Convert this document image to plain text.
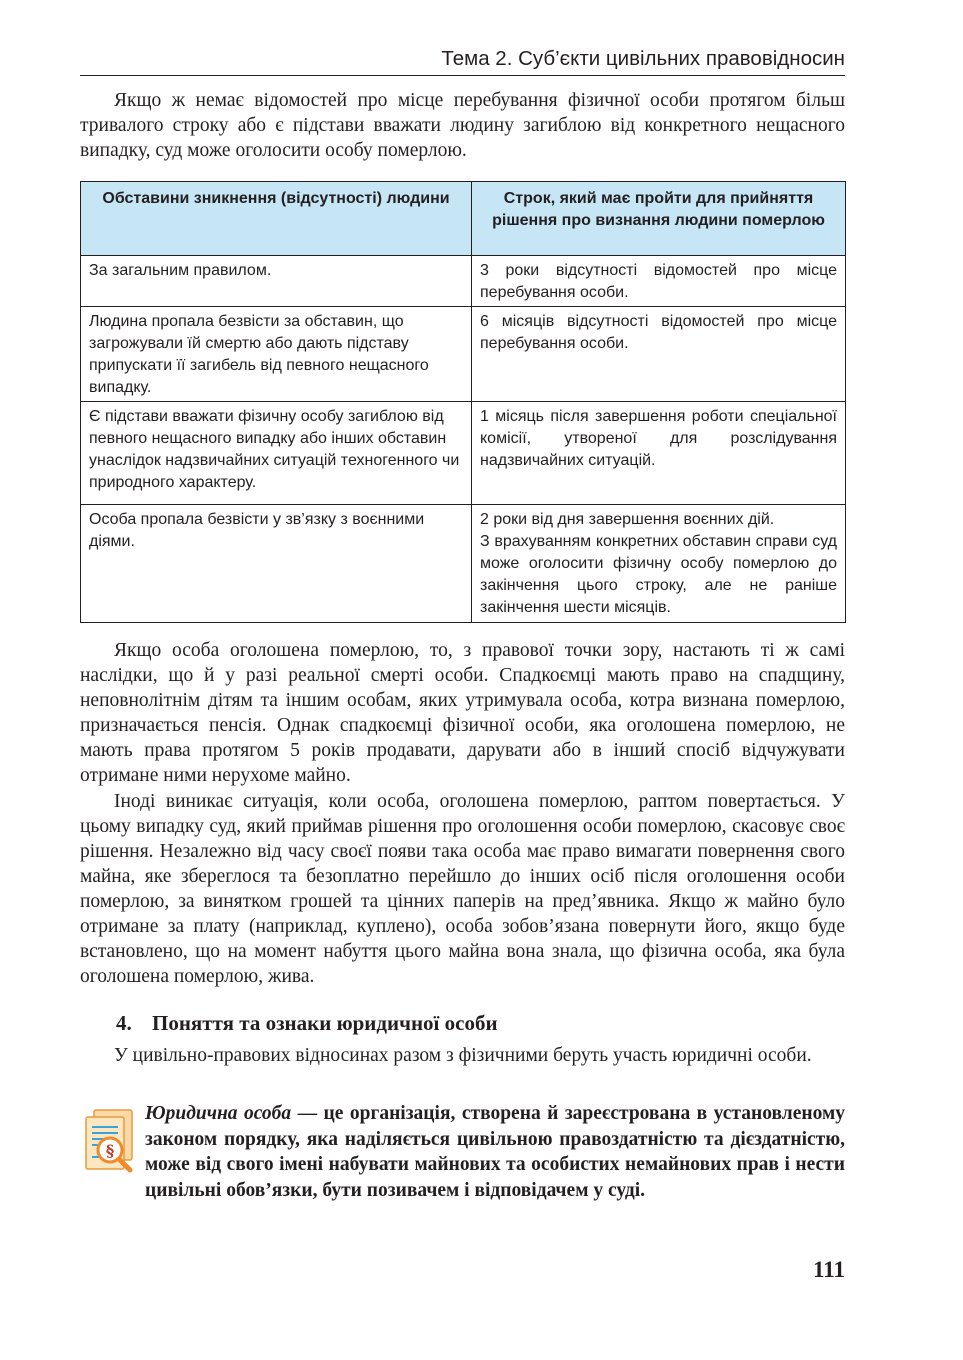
Тема 2. Суб’єкти цивільних правовідносин

Якщо ж немає відомостей про місце перебування фізичної особи протягом більш тривалого строку або є підстави вважати людину загиблою від конкретного нещасного випадку, суд може оголосити особу померлою.

Обставини зникнення (відсутності) людини	Строк, який має пройти для прийняття рішення про визнання людини померлою
За загальним правилом.	3 роки відсутності відомостей про місце перебування особи.
Людина пропала безвісти за обставин, що загрожували їй смертю або дають підставу припускати її загибель від певного нещасного випадку.	6 місяців відсутності відомостей про місце перебування особи.
Є підстави вважати фізичну особу загиблою від певного нещасного випадку або інших обставин унаслідок надзвичайних ситуацій техногенного чи природного характеру.	1 місяць після завершення роботи спеціальної комісії, утвореної для розслідування надзвичайних ситуацій.
Особа пропала безвісти у зв’язку з воєнними діями.	2 роки від дня завершення воєнних дій.
З врахуванням конкретних обставин справи суд може оголосити фізичну особу померлою до закінчення цього строку, але не раніше закінчення шести місяців.

Якщо особа оголошена померлою, то, з правової точки зору, настають ті ж самі наслідки, що й у разі реальної смерті особи. Спадкоємці мають право на спадщину, неповнолітнім дітям та іншим особам, яких утримувала особа, котра визнана померлою, призначається пенсія. Однак спадкоємці фізичної особи, яка оголошена померлою, не мають права протягом 5 років продавати, дарувати або в інший спосіб відчужувати отримане ними нерухоме майно.

Іноді виникає ситуація, коли особа, оголошена померлою, раптом повертається. У цьому випадку суд, який приймав рішення про оголошення особи померлою, скасовує своє рішення. Незалежно від часу своєї появи така особа має право вимагати повернення свого майна, яке збереглося та безоплатно перейшло до інших осіб після оголошення особи померлою, за винятком грошей та цінних паперів на пред’явника. Якщо ж майно було отримане за плату (наприклад, куплено), особа зобов’язана повернути його, якщо буде встановлено, що на момент набуття цього майна вона знала, що фізична особа, яка була оголошена померлою, жива.

4. Поняття та ознаки юридичної особи

У цивільно-правових відносинах разом з фізичними беруть участь юридичні особи.

§

Юридична особа — це організація, створена й зареєстрована в установленому законом порядку, яка наділяється цивільною правоздатністю та дієздатністю, може від свого імені набувати майнових та особистих немайнових прав і нести цивільні обов’язки, бути позивачем і відповідачем у суді.

111
